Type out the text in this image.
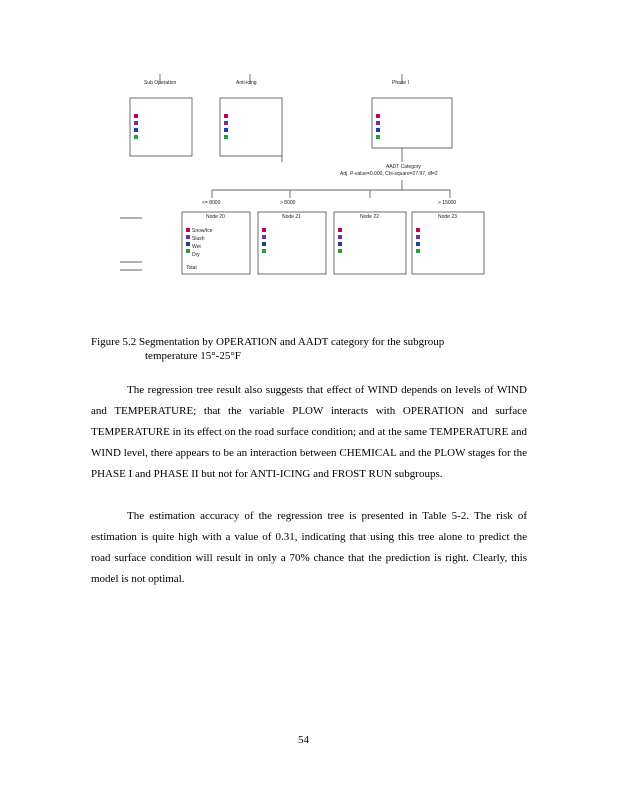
Sub Operation	Anti-icing	Phase I
AADT Category
Adj. P-value=0.000, Chi-square=27.97, df=2
<= 8000	> 8000	> 15000
Node 20	Node 21	Node 22	Node 23
Snow/Ice
Slush
Wet
Dry
Total
Figure 5.2 Segmentation by OPERATION and AADT category for the subgroup
temperature 15°-25°F

The regression tree result also suggests that effect of WIND depends on levels of WIND and TEMPERATURE; that the variable PLOW interacts with OPERATION and surface TEMPERATURE in its effect on the road surface condition; and at the same TEMPERATURE and WIND level, there appears to be an interaction between CHEMICAL and the PLOW stages for the PHASE I and PHASE II but not for ANTI-ICING and FROST RUN subgroups.

The estimation accuracy of the regression tree is presented in Table 5-2. The risk of estimation is quite high with a value of 0.31, indicating that using this tree alone to predict the road surface condition will result in only a 70% chance that the prediction is right. Clearly, this model is not optimal.

54
